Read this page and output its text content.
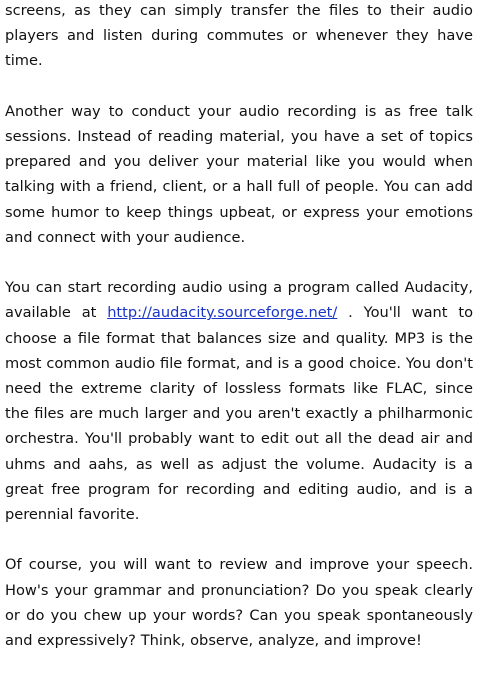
screens, as they can simply transfer the files to their audio players and listen during commutes or whenever they have time.

Another way to conduct your audio recording is as free talk sessions. Instead of reading material, you have a set of topics prepared and you deliver your material like you would when talking with a friend, client, or a hall full of people. You can add some humor to keep things upbeat, or express your emotions and connect with your audience.

You can start recording audio using a program called Audacity, available at http://audacity.sourceforge.net/ . You'll want to choose a file format that balances size and quality. MP3 is the most common audio file format, and is a good choice. You don't need the extreme clarity of lossless formats like FLAC, since the files are much larger and you aren't exactly a philharmonic orchestra. You'll probably want to edit out all the dead air and uhms and aahs, as well as adjust the volume. Audacity is a great free program for recording and editing audio, and is a perennial favorite.

Of course, you will want to review and improve your speech. How's your grammar and pronunciation? Do you speak clearly or do you chew up your words? Can you speak spontaneously and expressively? Think, observe, analyze, and improve!
